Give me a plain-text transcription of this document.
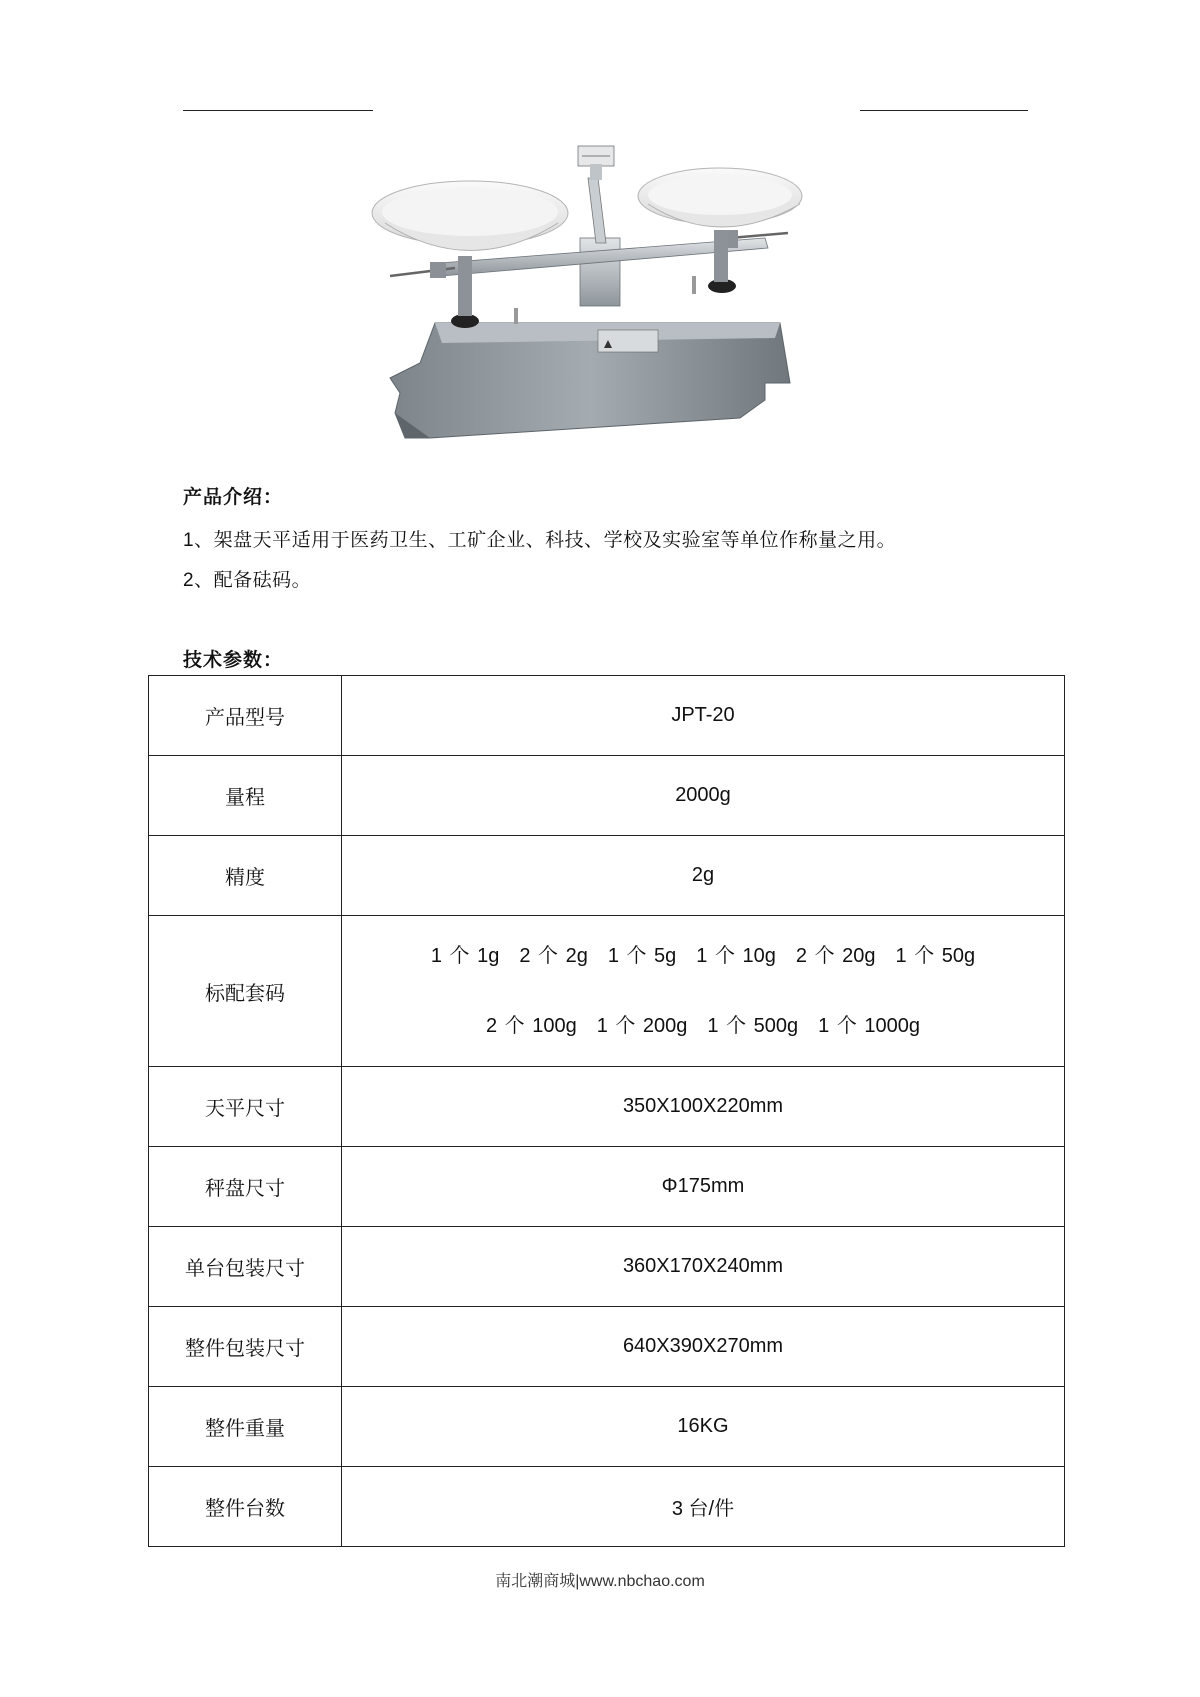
产品介绍：
1、架盘天平适用于医药卫生、工矿企业、科技、学校及实验室等单位作称量之用。
2、配备砝码。
技术参数：
产品型号	JPT-20
量程	2000g
精度	2g
标配套码	1 个 1g　2 个 2g　1 个 5g　1 个 10g　2 个 20g　1 个 50g
2 个 100g　1 个 200g　1 个 500g　1 个 1000g

天平尺寸	350X100X220mm
秤盘尺寸	Φ175mm
单台包装尺寸	360X170X240mm
整件包装尺寸	640X390X270mm
整件重量	16KG
整件台数	3 台/件
南北潮商城|www.nbchao.com
